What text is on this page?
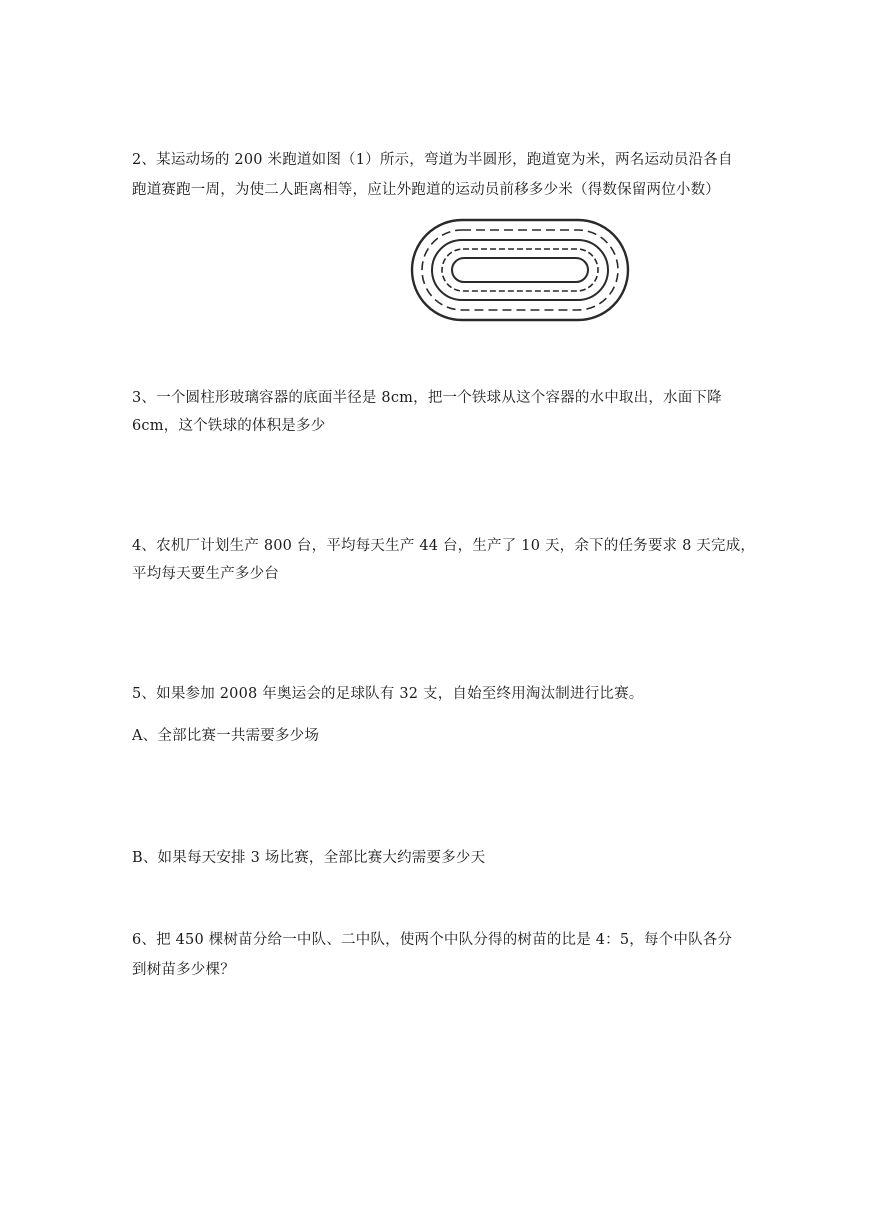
2、某运动场的 200 米跑道如图（1）所示，弯道为半圆形，跑道宽为米，两名运动员沿各自
跑道赛跑一周，为使二人距离相等，应让外跑道的运动员前移多少米（得数保留两位小数）
3、一个圆柱形玻璃容器的底面半径是 8cm，把一个铁球从这个容器的水中取出，水面下降
6cm，这个铁球的体积是多少
4、农机厂计划生产 800 台，平均每天生产 44 台，生产了 10 天，余下的任务要求 8 天完成，
平均每天要生产多少台
5、如果参加 2008 年奥运会的足球队有 32 支，自始至终用淘汰制进行比赛。
A、全部比赛一共需要多少场
B、如果每天安排 3 场比赛，全部比赛大约需要多少天
6、把 450 棵树苗分给一中队、二中队，使两个中队分得的树苗的比是 4：5，每个中队各分
到树苗多少棵？
